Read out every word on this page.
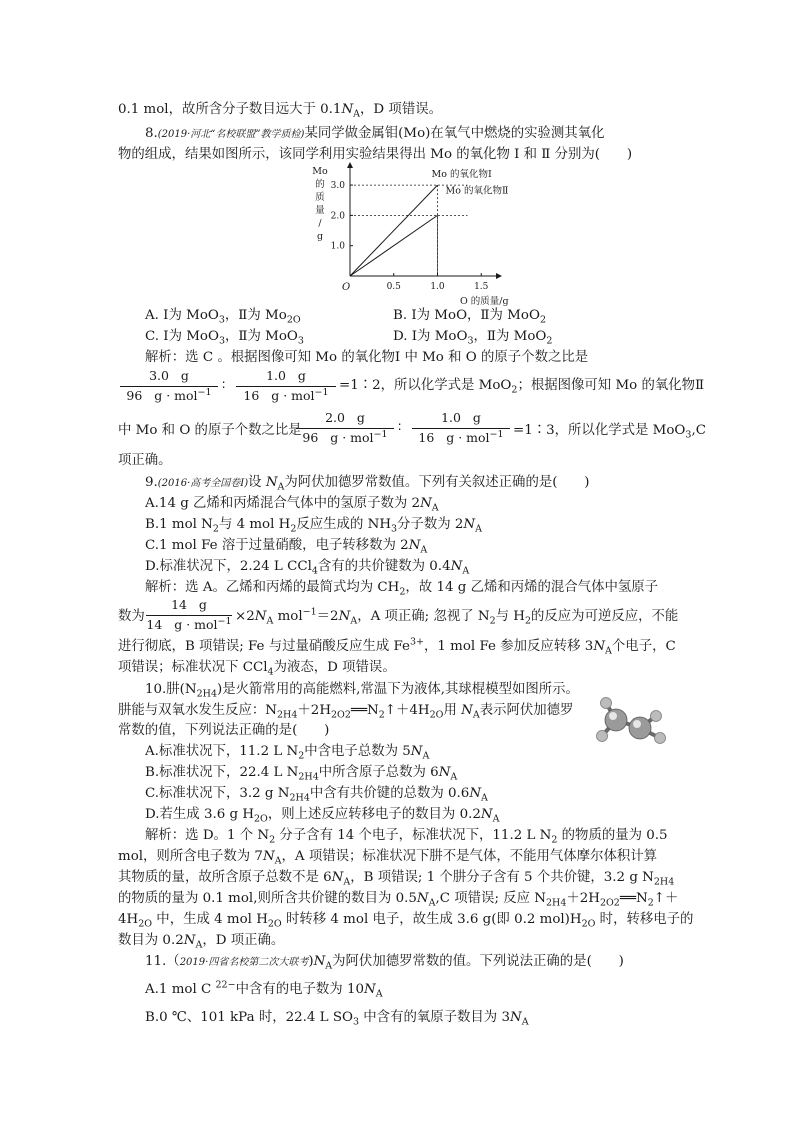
0.1 mol，故所含分子数目远大于 $0.1N_A$，D 项错误。
8.(2019·河北“名校联盟”教学质检)某同学做金属钼(Mo)在氧气中燃烧的实验测其氧化
物的组成，结果如图所示，该同学利用实验结果得出 Mo 的氧化物 Ⅰ 和 Ⅱ 分别为(　　)
0.5	1.0	1.5
1.0
2.0
3.0
Mo 的氧化物Ⅰ
Mo 的氧化物Ⅱ
O
O 的质量/g
Mo
的
质
量
/
g
A. Ⅰ为 MoO$_3$，Ⅱ为 $Mo_{2O}$	B. Ⅰ为 MoO，Ⅱ为 MoO$_2$
C. Ⅰ为 MoO$_3$，Ⅱ为 MoO$_3$	D. Ⅰ为 MoO$_3$，Ⅱ为 MoO$_2$
解析：选 C 。根据图像可知 Mo 的氧化物Ⅰ 中 Mo 和 O 的原子个数之比是
3.0   g
96   g · mol$^{-1}$
∶
1.0   g
16   g · mol$^{-1}$ =1∶2，所以化学式是 MoO$_2$；根据图像可知 Mo 的氧化物Ⅱ
中 Mo 和 O 的原子个数之比是
2.0   g
96   g · mol$^{-1}$
∶
1.0   g
16   g · mol$^{-1}$ =1∶3，所以化学式是 MoO$_3$,C
项正确。
9.(2016·高考全国卷Ⅰ)设 $N_A$为阿伏加德罗常数值。下列有关叙述正确的是(　　)
A.14 g 乙烯和丙烯混合气体中的氢原子数为 $2N_A$
B.1 mol $N_2$与 4 mol $H_2$反应生成的 $NH_3$分子数为 $2N_A$
C.1 mol Fe 溶于过量硝酸，电子转移数为 $2N_A$
D.标准状况下，2.24 L CCl$_4$含有的共价键数为 $0.4N_A$
解析：选 A。乙烯和丙烯的最简式均为 $CH_2$，故 14 g 乙烯和丙烯的混合气体中氢原子
数为
14   g
14   $g \cdot mol^{-1} \times 2N_A$ $mol^{-1}=2N_A$，A 项正确; 忽视了 $N_2$与 $H_2$的反应为可逆反应，不能
进行彻底，B 项错误; Fe 与过量硝酸反应生成 $Fe^{3+}$，1 mol Fe 参加反应转移 $3N_A$个电子，C
项错误；标准状况下 CCl$_4$为液态，D 项错误。
10.肼$(N_{2H4})$是火箭常用的高能燃料,常温下为液体,其球棍模型如图所示。
肼能与双氧水发生反应：$N_{2H4}+2H_{2O2}══N_2↑+4H_{2O}$用 $N_A$表示阿伏加德罗
常数的值，下列说法正确的是(　　)
A.标准状况下，11.2 L $N_2$中含电子总数为 $5N_A$
B.标准状况下，22.4 L $N_{2H4}$中所含原子总数为 $6N_A$
C.标准状况下，3.2 g $N_{2H4}$中含有共价键的总数为 $0.6N_A$
D.若生成 3.6 g $H_{2O}$，则上述反应转移电子的数目为 $0.2N_A$
解析：选 D。1 个 $N_2$ 分子含有 14 个电子，标准状况下，11.2 L $N_2$ 的物质的量为 0.5
mol，则所含电子数为 $7N_A$，A 项错误；标准状况下肼不是气体，不能用气体摩尔体积计算
其物质的量，故所含原子总数不是 $6N_A$，B 项错误; 1 个肼分子含有 5 个共价键，3.2 g $N_{2H4}$
的物质的量为 0.1 mol,则所含共价键的数目为 $0.5N_A,C$ 项错误; 反应 $N_{2H4}+2H_{2O2}══N_2↑+$
$4H_{2O}$ 中，生成 4 mol $H_{2O}$ 时转移 4 mol 电子，故生成 3.6 g(即 0.2 $mol)H_{2O}$ 时，转移电子的
数目为 $0.2N_A$，D 项正确。
11.（2019·四省名校第二次大联考)$N_A$为阿伏加德罗常数的值。下列说法正确的是(　　)
A.1 mol C $^{22-}$中含有的电子数为 $10N_A$
B.0 ℃、101 kPa 时，22.4 L $SO_3$ 中含有的氧原子数目为 $3N_A$
